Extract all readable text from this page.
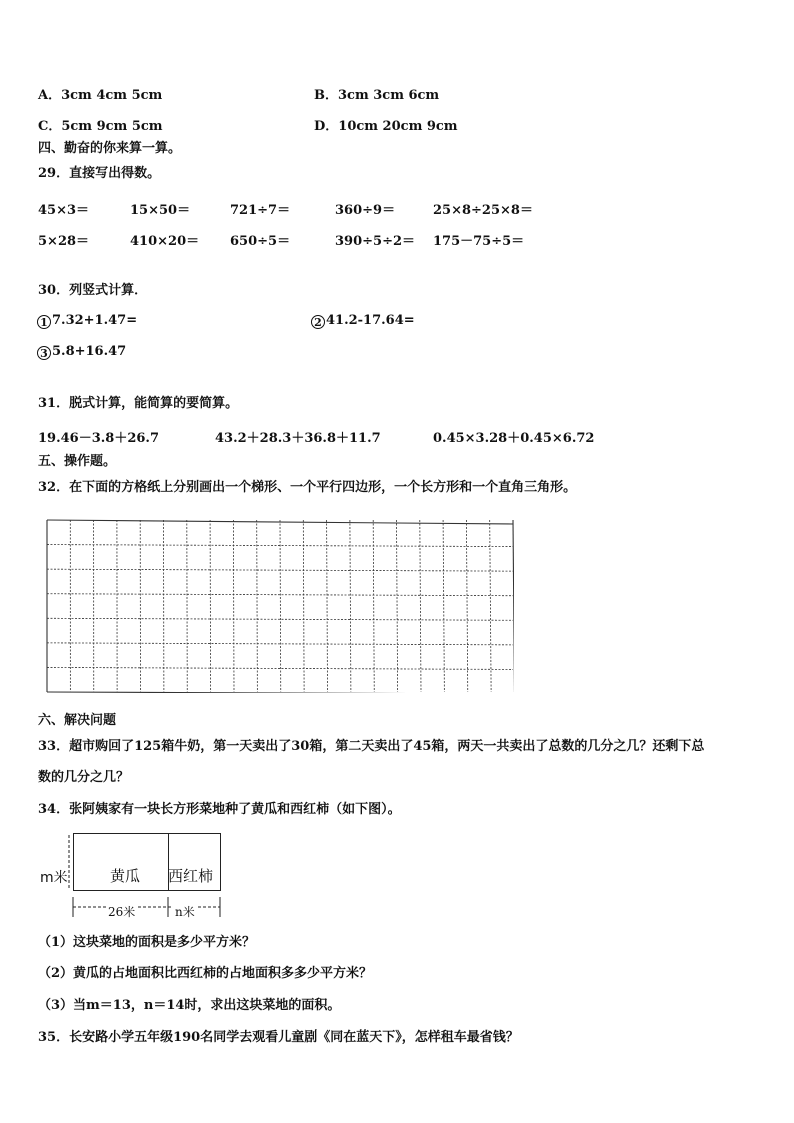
A．3cm 4cm 5cm	B．3cm 3cm 6cm
C．5cm 9cm 5cm	D．10cm 20cm 9cm
四、勤奋的你来算一算。
29．直接写出得数。
45×3＝	15×50＝	721÷7＝	360÷9＝	25×8÷25×8＝
5×28＝	410×20＝ 650÷5＝	390÷5÷2＝ 175－75÷5＝
30．列竖式计算．
1 7.32+1.47=	2 41.2-17.64=
3 5.8+16.47
31．脱式计算，能简算的要简算。
19.46－3.8＋26.7	43.2＋28.3＋36.8＋11.7	0.45×3.28＋0.45×6.72
五、操作题。
32．在下面的方格纸上分别画出一个梯形、一个平行四边形，一个长方形和一个直角三角形。
六、解决问题
33．超市购回了125箱牛奶，第一天卖出了30箱，第二天卖出了45箱，两天一共卖出了总数的几分之几？还剩下总
数的几分之几？
34．张阿姨家有一块长方形菜地种了黄瓜和西红柿（如下图）。
m米	黄瓜 西红柿
26米	n米
（1）这块菜地的面积是多少平方米？
（2）黄瓜的占地面积比西红柿的占地面积多多少平方米？
（3）当m＝13，n＝14时，求出这块菜地的面积。
35．长安路小学五年级190名同学去观看儿童剧《同在蓝天下》，怎样租车最省钱？
